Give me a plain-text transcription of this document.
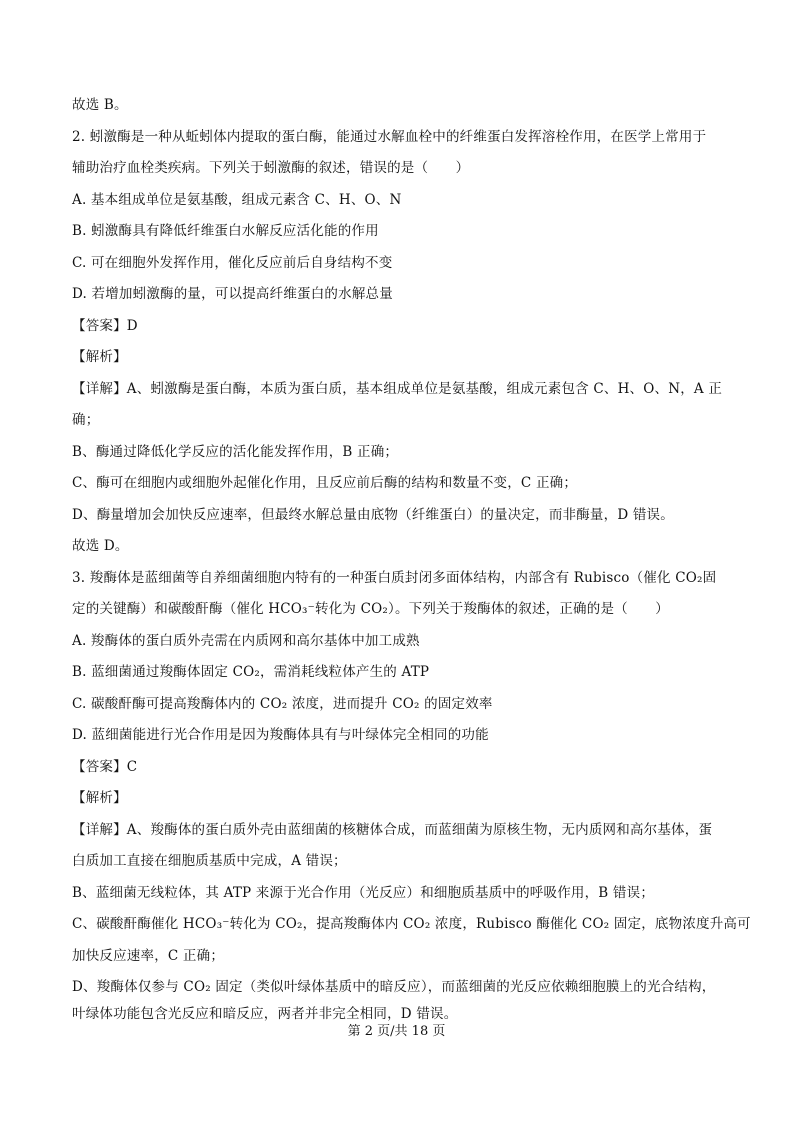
故选 B。
2. 蚓激酶是一种从蚯蚓体内提取的蛋白酶，能通过水解血栓中的纤维蛋白发挥溶栓作用，在医学上常用于
辅助治疗血栓类疾病。下列关于蚓激酶的叙述，错误的是（　　）
A. 基本组成单位是氨基酸，组成元素含 C、H、O、N
B. 蚓激酶具有降低纤维蛋白水解反应活化能的作用
C. 可在细胞外发挥作用，催化反应前后自身结构不变
D. 若增加蚓激酶的量，可以提高纤维蛋白的水解总量
【答案】D
【解析】
【详解】A、蚓激酶是蛋白酶，本质为蛋白质，基本组成单位是氨基酸，组成元素包含 C、H、O、N，A 正
确；
B、酶通过降低化学反应的活化能发挥作用，B 正确；
C、酶可在细胞内或细胞外起催化作用，且反应前后酶的结构和数量不变，C 正确；
D、酶量增加会加快反应速率，但最终水解总量由底物（纤维蛋白）的量决定，而非酶量，D 错误。
故选 D。
3. 羧酶体是蓝细菌等自养细菌细胞内特有的一种蛋白质封闭多面体结构，内部含有 Rubisco（催化 CO₂固
定的关键酶）和碳酸酐酶（催化 HCO₃⁻转化为 CO₂）。下列关于羧酶体的叙述，正确的是（　　）
A. 羧酶体的蛋白质外壳需在内质网和高尔基体中加工成熟
B. 蓝细菌通过羧酶体固定 CO₂，需消耗线粒体产生的 ATP
C. 碳酸酐酶可提高羧酶体内的 CO₂ 浓度，进而提升 CO₂ 的固定效率
D. 蓝细菌能进行光合作用是因为羧酶体具有与叶绿体完全相同的功能
【答案】C
【解析】
【详解】A、羧酶体的蛋白质外壳由蓝细菌的核糖体合成，而蓝细菌为原核生物，无内质网和高尔基体，蛋
白质加工直接在细胞质基质中完成，A 错误；
B、蓝细菌无线粒体，其 ATP 来源于光合作用（光反应）和细胞质基质中的呼吸作用，B 错误；
C、碳酸酐酶催化 HCO₃⁻转化为 CO₂，提高羧酶体内 CO₂ 浓度，Rubisco 酶催化 CO₂ 固定，底物浓度升高可
加快反应速率，C 正确；
D、羧酶体仅参与 CO₂ 固定（类似叶绿体基质中的暗反应），而蓝细菌的光反应依赖细胞膜上的光合结构，
叶绿体功能包含光反应和暗反应，两者并非完全相同，D 错误。
第 2 页/共 18 页
